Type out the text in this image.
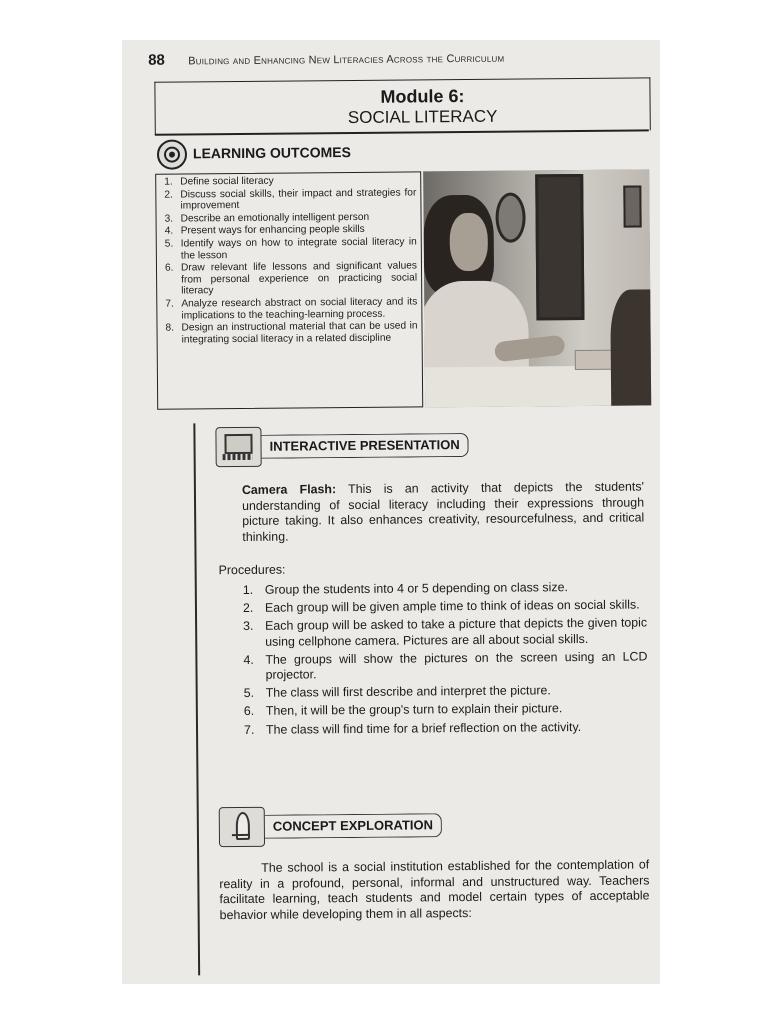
88 Building and Enhancing New Literacies Across the Curriculum
Module 6:
SOCIAL LITERACY
LEARNING OUTCOMES
1. Define social literacy
2. Discuss social skills, their impact and strategies for improvement
3. Describe an emotionally intelligent person
4. Present ways for enhancing people skills
5. Identify ways on how to integrate social literacy in the lesson
6. Draw relevant life lessons and significant values from personal experience on practicing social literacy
7. Analyze research abstract on social literacy and its implications to the teaching-learning process.
8. Design an instructional material that can be used in integrating social literacy in a related discipline
INTERACTIVE PRESENTATION
Camera Flash: This is an activity that depicts the students' understanding of social literacy including their expressions through picture taking. It also enhances creativity, resourcefulness, and critical thinking.
Procedures:
1. Group the students into 4 or 5 depending on class size.
2. Each group will be given ample time to think of ideas on social skills.
3. Each group will be asked to take a picture that depicts the given topic using cellphone camera. Pictures are all about social skills.
4. The groups will show the pictures on the screen using an LCD projector.
5. The class will first describe and interpret the picture.
6. Then, it will be the group's turn to explain their picture.
7. The class will find time for a brief reflection on the activity.
CONCEPT EXPLORATION
The school is a social institution established for the contemplation of reality in a profound, personal, informal and unstructured way. Teachers facilitate learning, teach students and model certain types of acceptable behavior while developing them in all aspects:
